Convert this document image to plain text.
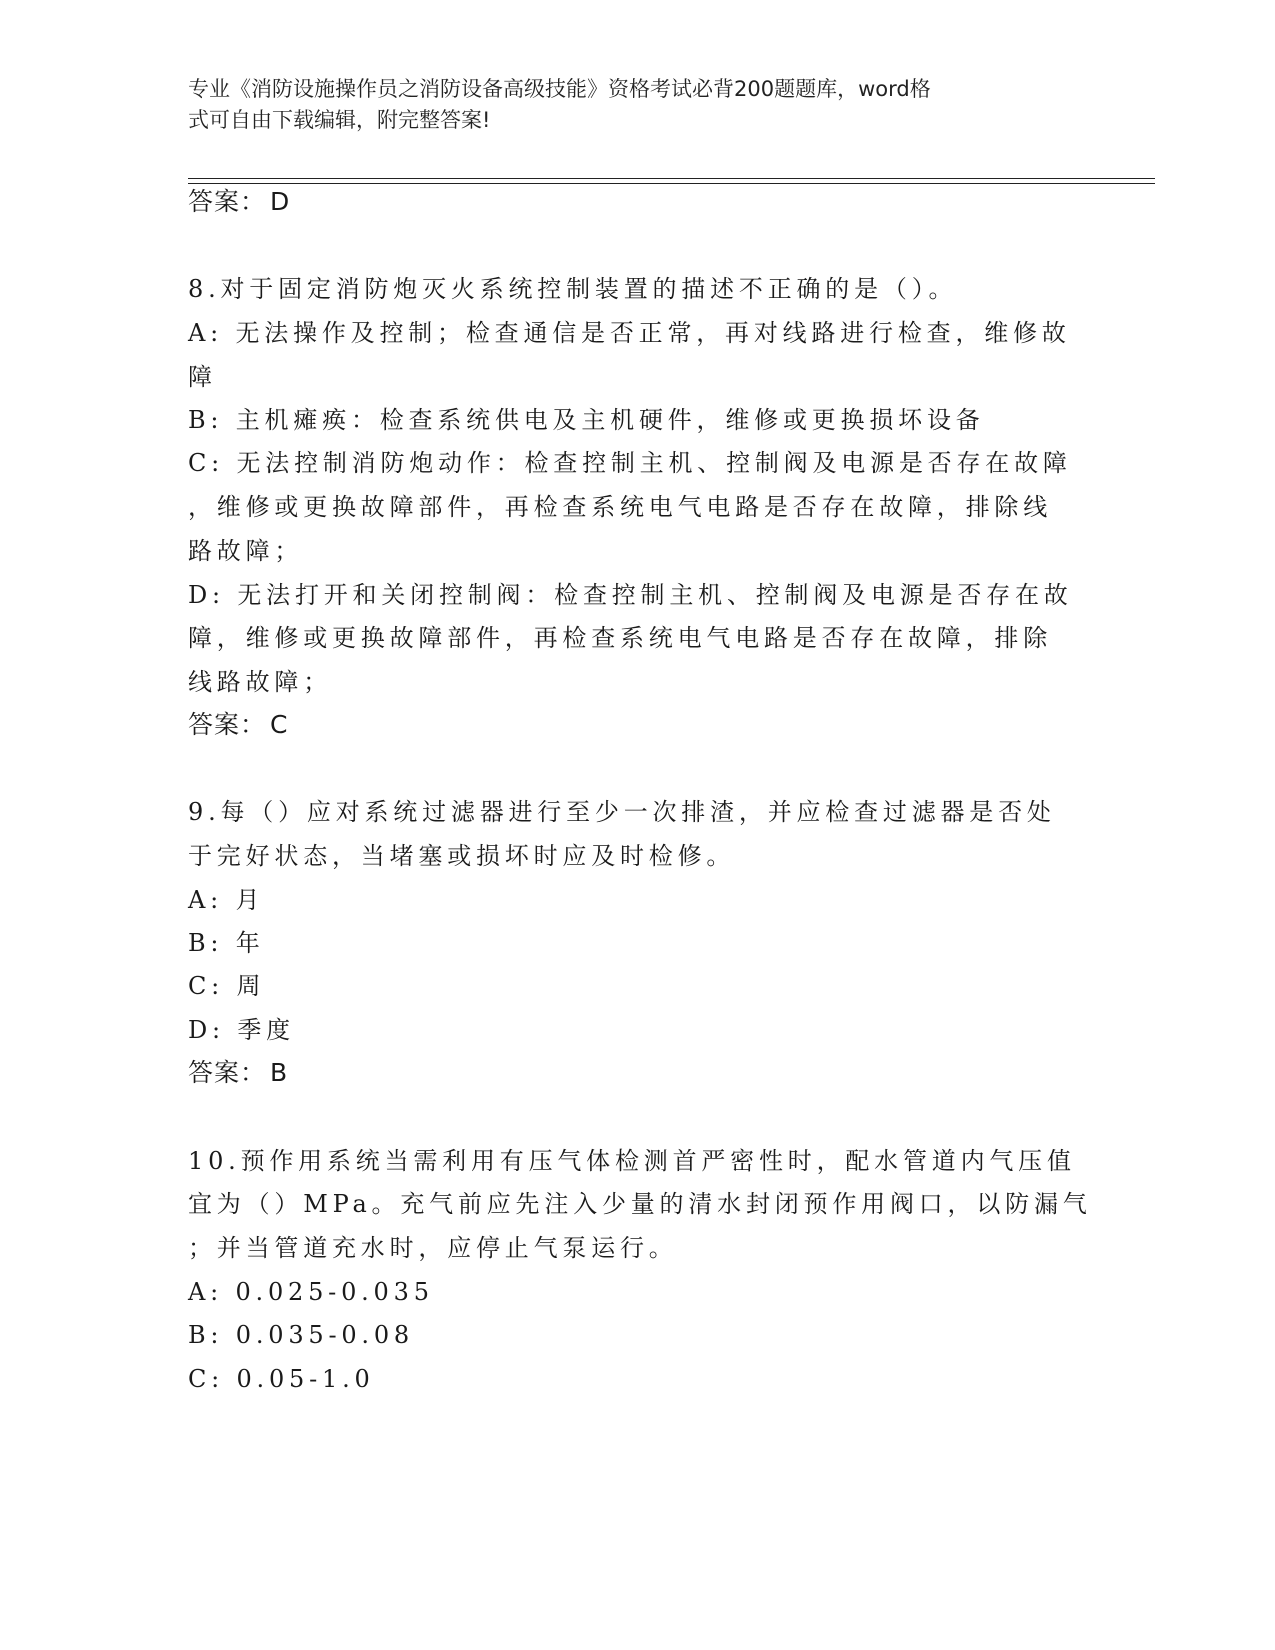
专业《消防设施操作员之消防设备高级技能》资格考试必背200题题库，word格
式可自由下载编辑，附完整答案!
答案： D
8.对于固定消防炮灭火系统控制装置的描述不正确的是（）。
A: 无法操作及控制；检查通信是否正常，再对线路进行检查，维修故
障
B: 主机瘫痪：检查系统供电及主机硬件，维修或更换损坏设备
C: 无法控制消防炮动作：检查控制主机、控制阀及电源是否存在故障
，维修或更换故障部件，再检查系统电气电路是否存在故障，排除线
路故障；
D: 无法打开和关闭控制阀：检查控制主机、控制阀及电源是否存在故
障，维修或更换故障部件，再检查系统电气电路是否存在故障，排除
线路故障；
答案： C
9.每（）应对系统过滤器进行至少一次排渣，并应检查过滤器是否处
于完好状态，当堵塞或损坏时应及时检修。
A: 月
B: 年
C: 周
D: 季度
答案： B
10.预作用系统当需利用有压气体检测首严密性时，配水管道内气压值
宜为（）MPa。充气前应先注入少量的清水封闭预作用阀口，以防漏气
；并当管道充水时，应停止气泵运行。
A: 0.025-0.035
B: 0.035-0.08
C: 0.05-1.0
